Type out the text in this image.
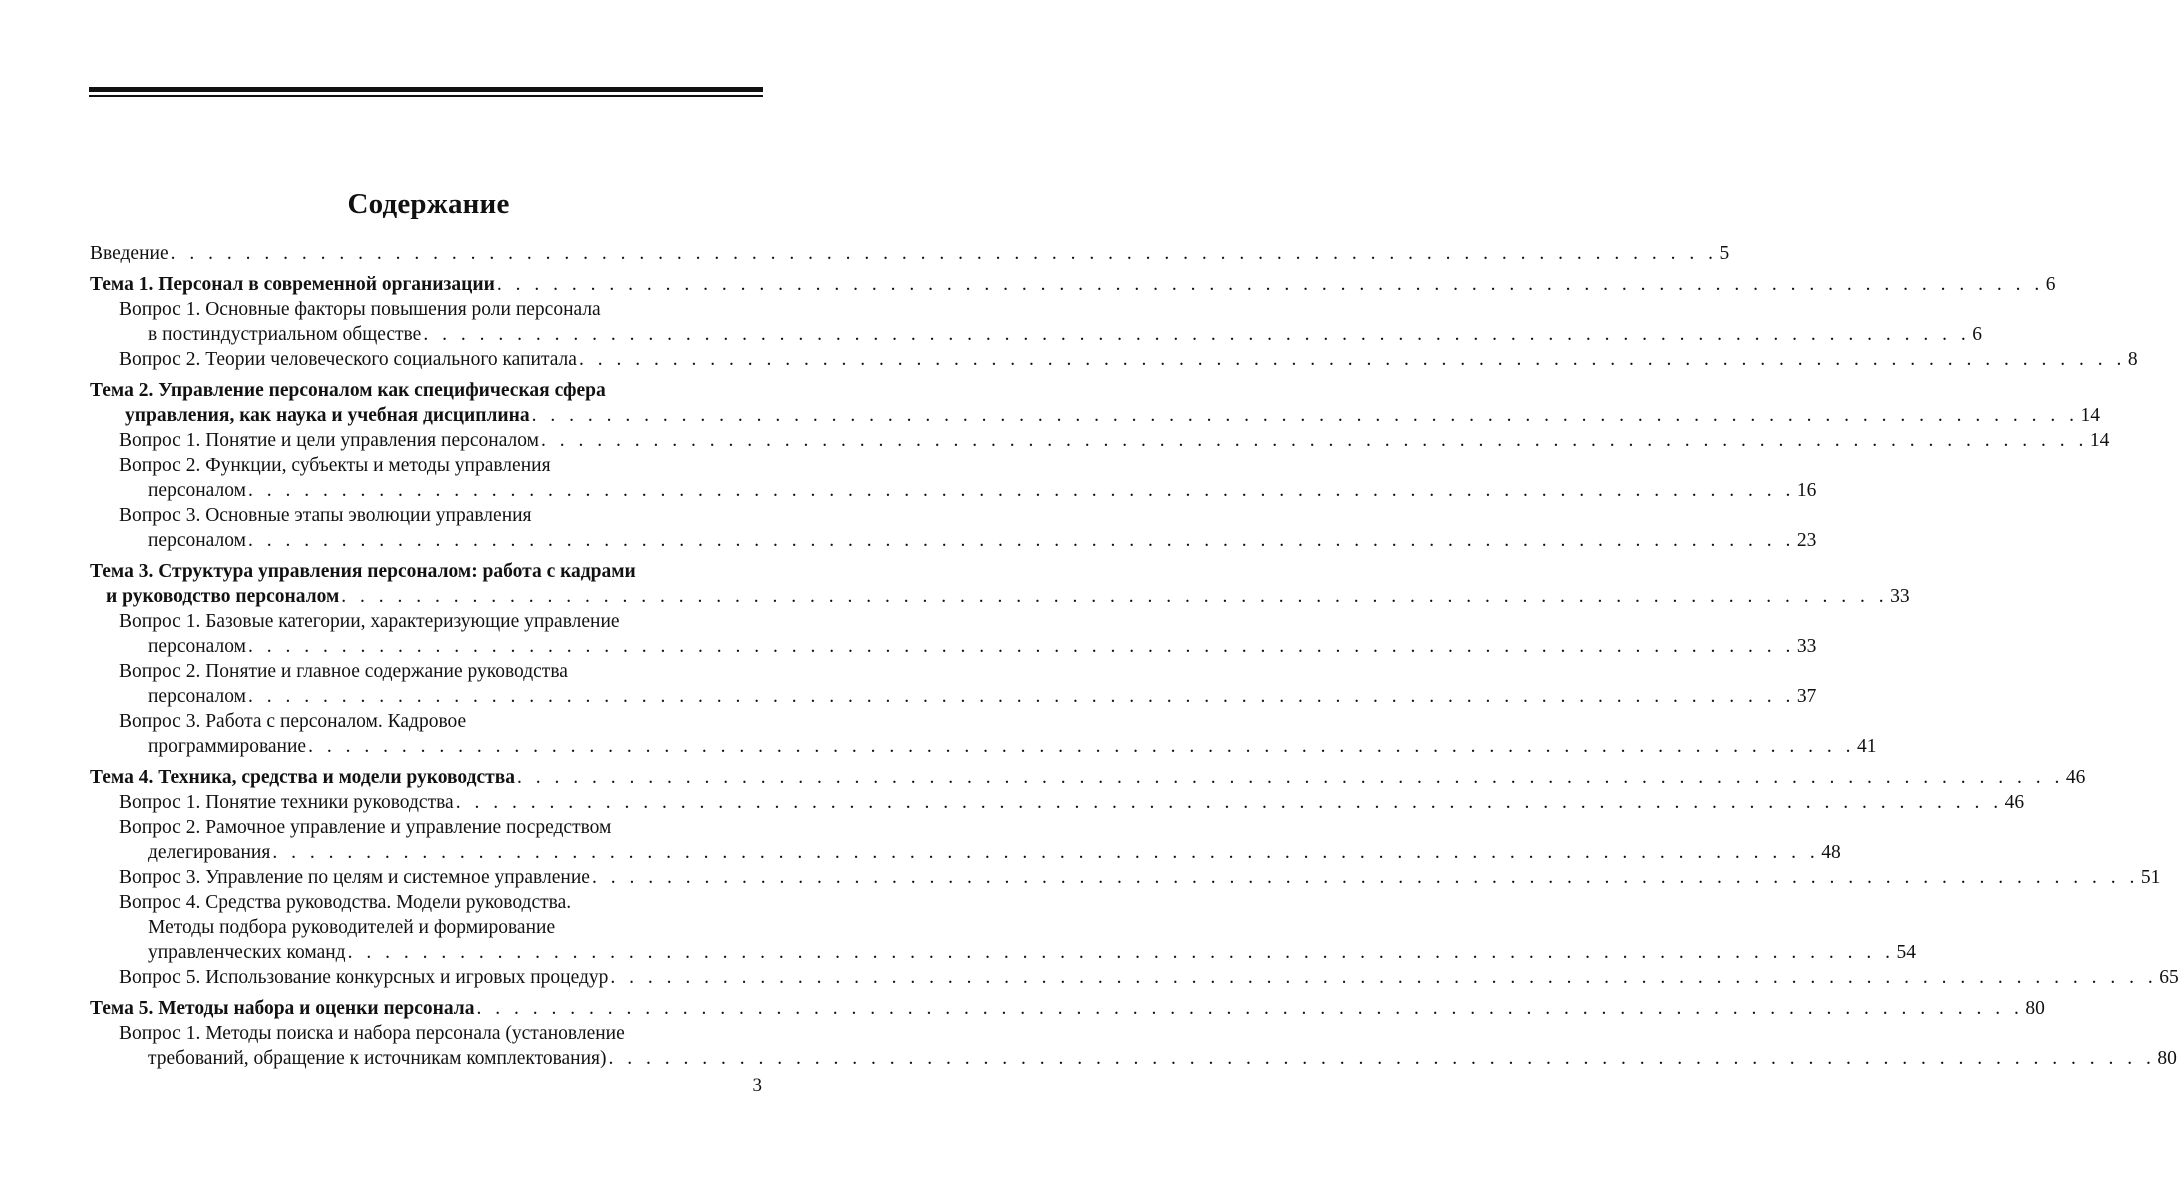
Содержание
Введение . . . . . . . . . . . . . . . . . . . . . . . . . . . . . . . . . . . . . . . . . . . . . . . . . . . . . . . . . . . . . . . . . . . . . . . . . . . . . . . . . . . 5
Тема 1. Персонал в современной организации . . . . . . . . . . . . . . . . . . . . . . . . . . . . . . . . . . . . . . . . . . . . . . . . . . . . . . . . . . . . . . . . . . . . . . . . . . . . . . . . . . . 6
Вопрос 1. Основные факторы повышения роли персонала
в постиндустриальном обществе . . . . . . . . . . . . . . . . . . . . . . . . . . . . . . . . . . . . . . . . . . . . . . . . . . . . . . . . . . . . . . . . . . . . . . . . . . . . . . . . . . . 6
Вопрос 2. Теории человеческого социального капитала . . . . . . . . . . . . . . . . . . . . . . . . . . . . . . . . . . . . . . . . . . . . . . . . . . . . . . . . . . . . . . . . . . . . . . . . . . . . . . . . . . . 8
Тема 2. Управление персоналом как специфическая сфера
управления, как наука и учебная дисциплина . . . . . . . . . . . . . . . . . . . . . . . . . . . . . . . . . . . . . . . . . . . . . . . . . . . . . . . . . . . . . . . . . . . . . . . . . . . . . . . . . . . 14
Вопрос 1. Понятие и цели управления персоналом . . . . . . . . . . . . . . . . . . . . . . . . . . . . . . . . . . . . . . . . . . . . . . . . . . . . . . . . . . . . . . . . . . . . . . . . . . . . . . . . . . . 14
Вопрос 2. Функции, субъекты и методы управления
персоналом . . . . . . . . . . . . . . . . . . . . . . . . . . . . . . . . . . . . . . . . . . . . . . . . . . . . . . . . . . . . . . . . . . . . . . . . . . . . . . . . . . . 16
Вопрос 3. Основные этапы эволюции управления
персоналом . . . . . . . . . . . . . . . . . . . . . . . . . . . . . . . . . . . . . . . . . . . . . . . . . . . . . . . . . . . . . . . . . . . . . . . . . . . . . . . . . . . 23
Тема 3. Структура управления персоналом: работа с кадрами
и руководство персоналом . . . . . . . . . . . . . . . . . . . . . . . . . . . . . . . . . . . . . . . . . . . . . . . . . . . . . . . . . . . . . . . . . . . . . . . . . . . . . . . . . . . 33
Вопрос 1. Базовые категории, характеризующие управление
персоналом . . . . . . . . . . . . . . . . . . . . . . . . . . . . . . . . . . . . . . . . . . . . . . . . . . . . . . . . . . . . . . . . . . . . . . . . . . . . . . . . . . . 33
Вопрос 2. Понятие и главное содержание руководства
персоналом . . . . . . . . . . . . . . . . . . . . . . . . . . . . . . . . . . . . . . . . . . . . . . . . . . . . . . . . . . . . . . . . . . . . . . . . . . . . . . . . . . . 37
Вопрос 3. Работа с персоналом. Кадровое
программирование . . . . . . . . . . . . . . . . . . . . . . . . . . . . . . . . . . . . . . . . . . . . . . . . . . . . . . . . . . . . . . . . . . . . . . . . . . . . . . . . . . . 41
Тема 4. Техника, средства и модели руководства . . . . . . . . . . . . . . . . . . . . . . . . . . . . . . . . . . . . . . . . . . . . . . . . . . . . . . . . . . . . . . . . . . . . . . . . . . . . . . . . . . . 46
Вопрос 1. Понятие техники руководства . . . . . . . . . . . . . . . . . . . . . . . . . . . . . . . . . . . . . . . . . . . . . . . . . . . . . . . . . . . . . . . . . . . . . . . . . . . . . . . . . . . 46
Вопрос 2. Рамочное управление и управление посредством
делегирования . . . . . . . . . . . . . . . . . . . . . . . . . . . . . . . . . . . . . . . . . . . . . . . . . . . . . . . . . . . . . . . . . . . . . . . . . . . . . . . . . . . 48
Вопрос 3. Управление по целям и системное управление . . . . . . . . . . . . . . . . . . . . . . . . . . . . . . . . . . . . . . . . . . . . . . . . . . . . . . . . . . . . . . . . . . . . . . . . . . . . . . . . . . . 51
Вопрос 4. Средства руководства. Модели руководства.
Методы подбора руководителей и формирование
управленческих команд . . . . . . . . . . . . . . . . . . . . . . . . . . . . . . . . . . . . . . . . . . . . . . . . . . . . . . . . . . . . . . . . . . . . . . . . . . . . . . . . . . . 54
Вопрос 5. Использование конкурсных и игровых процедур . . . . . . . . . . . . . . . . . . . . . . . . . . . . . . . . . . . . . . . . . . . . . . . . . . . . . . . . . . . . . . . . . . . . . . . . . . . . . . . . . . . 65
Тема 5. Методы набора и оценки персонала . . . . . . . . . . . . . . . . . . . . . . . . . . . . . . . . . . . . . . . . . . . . . . . . . . . . . . . . . . . . . . . . . . . . . . . . . . . . . . . . . . . 80
Вопрос 1. Методы поиска и набора персонала (установление
требований, обращение к источникам комплектования) . . . . . . . . . . . . . . . . . . . . . . . . . . . . . . . . . . . . . . . . . . . . . . . . . . . . . . . . . . . . . . . . . . . . . . . . . . . . . . . . . . . 80
3
